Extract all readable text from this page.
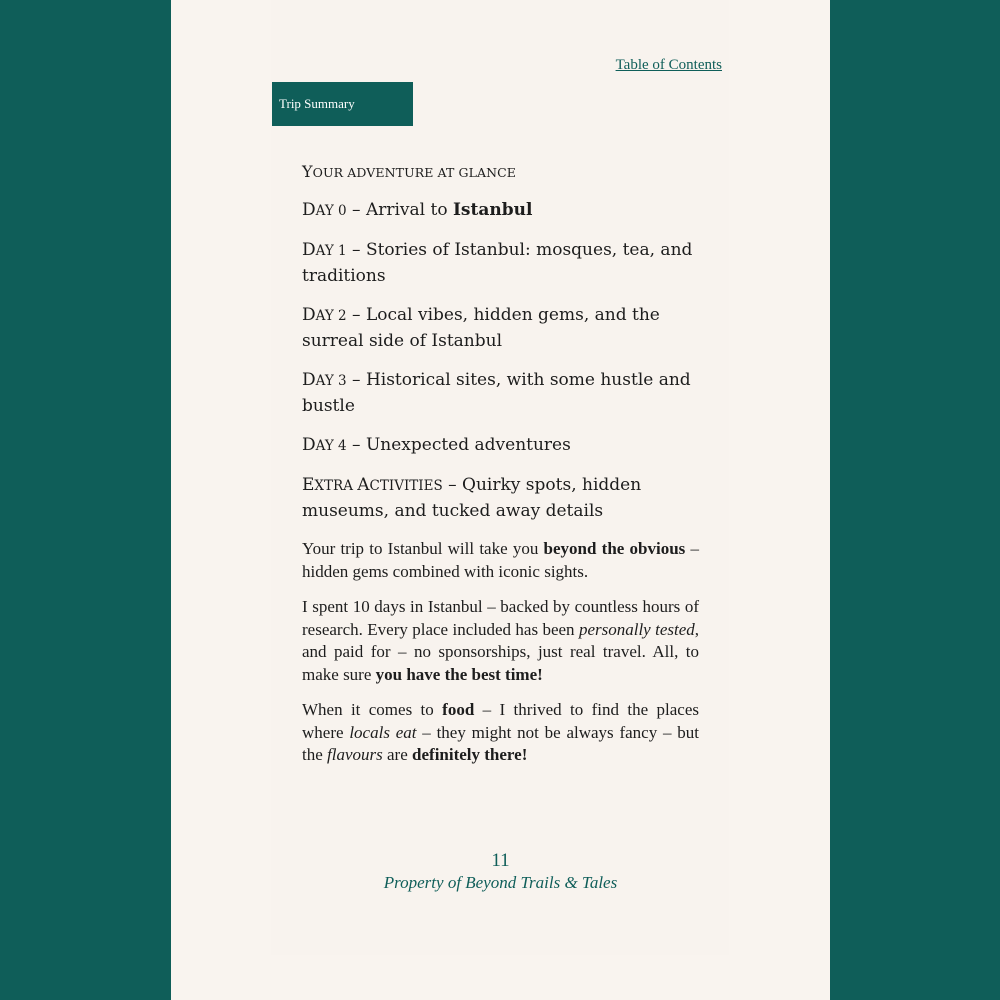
Table of Contents
Trip Summary
YOUR ADVENTURE AT GLANCE
DAY 0 – Arrival to Istanbul
DAY 1 – Stories of Istanbul: mosques, tea, and traditions
DAY 2 – Local vibes, hidden gems, and the surreal side of Istanbul
DAY 3 – Historical sites, with some hustle and bustle
DAY 4 – Unexpected adventures
EXTRA ACTIVITIES – Quirky spots, hidden museums, and tucked away details

Your trip to Istanbul will take you beyond the obvious – hidden gems combined with iconic sights.

I spent 10 days in Istanbul – backed by countless hours of research. Every place included has been personally tested, and paid for – no sponsorships, just real travel. All, to make sure you have the best time!

When it comes to food – I thrived to find the places where locals eat – they might not be always fancy – but the flavours are definitely there!

11
Property of Beyond Trails & Tales
